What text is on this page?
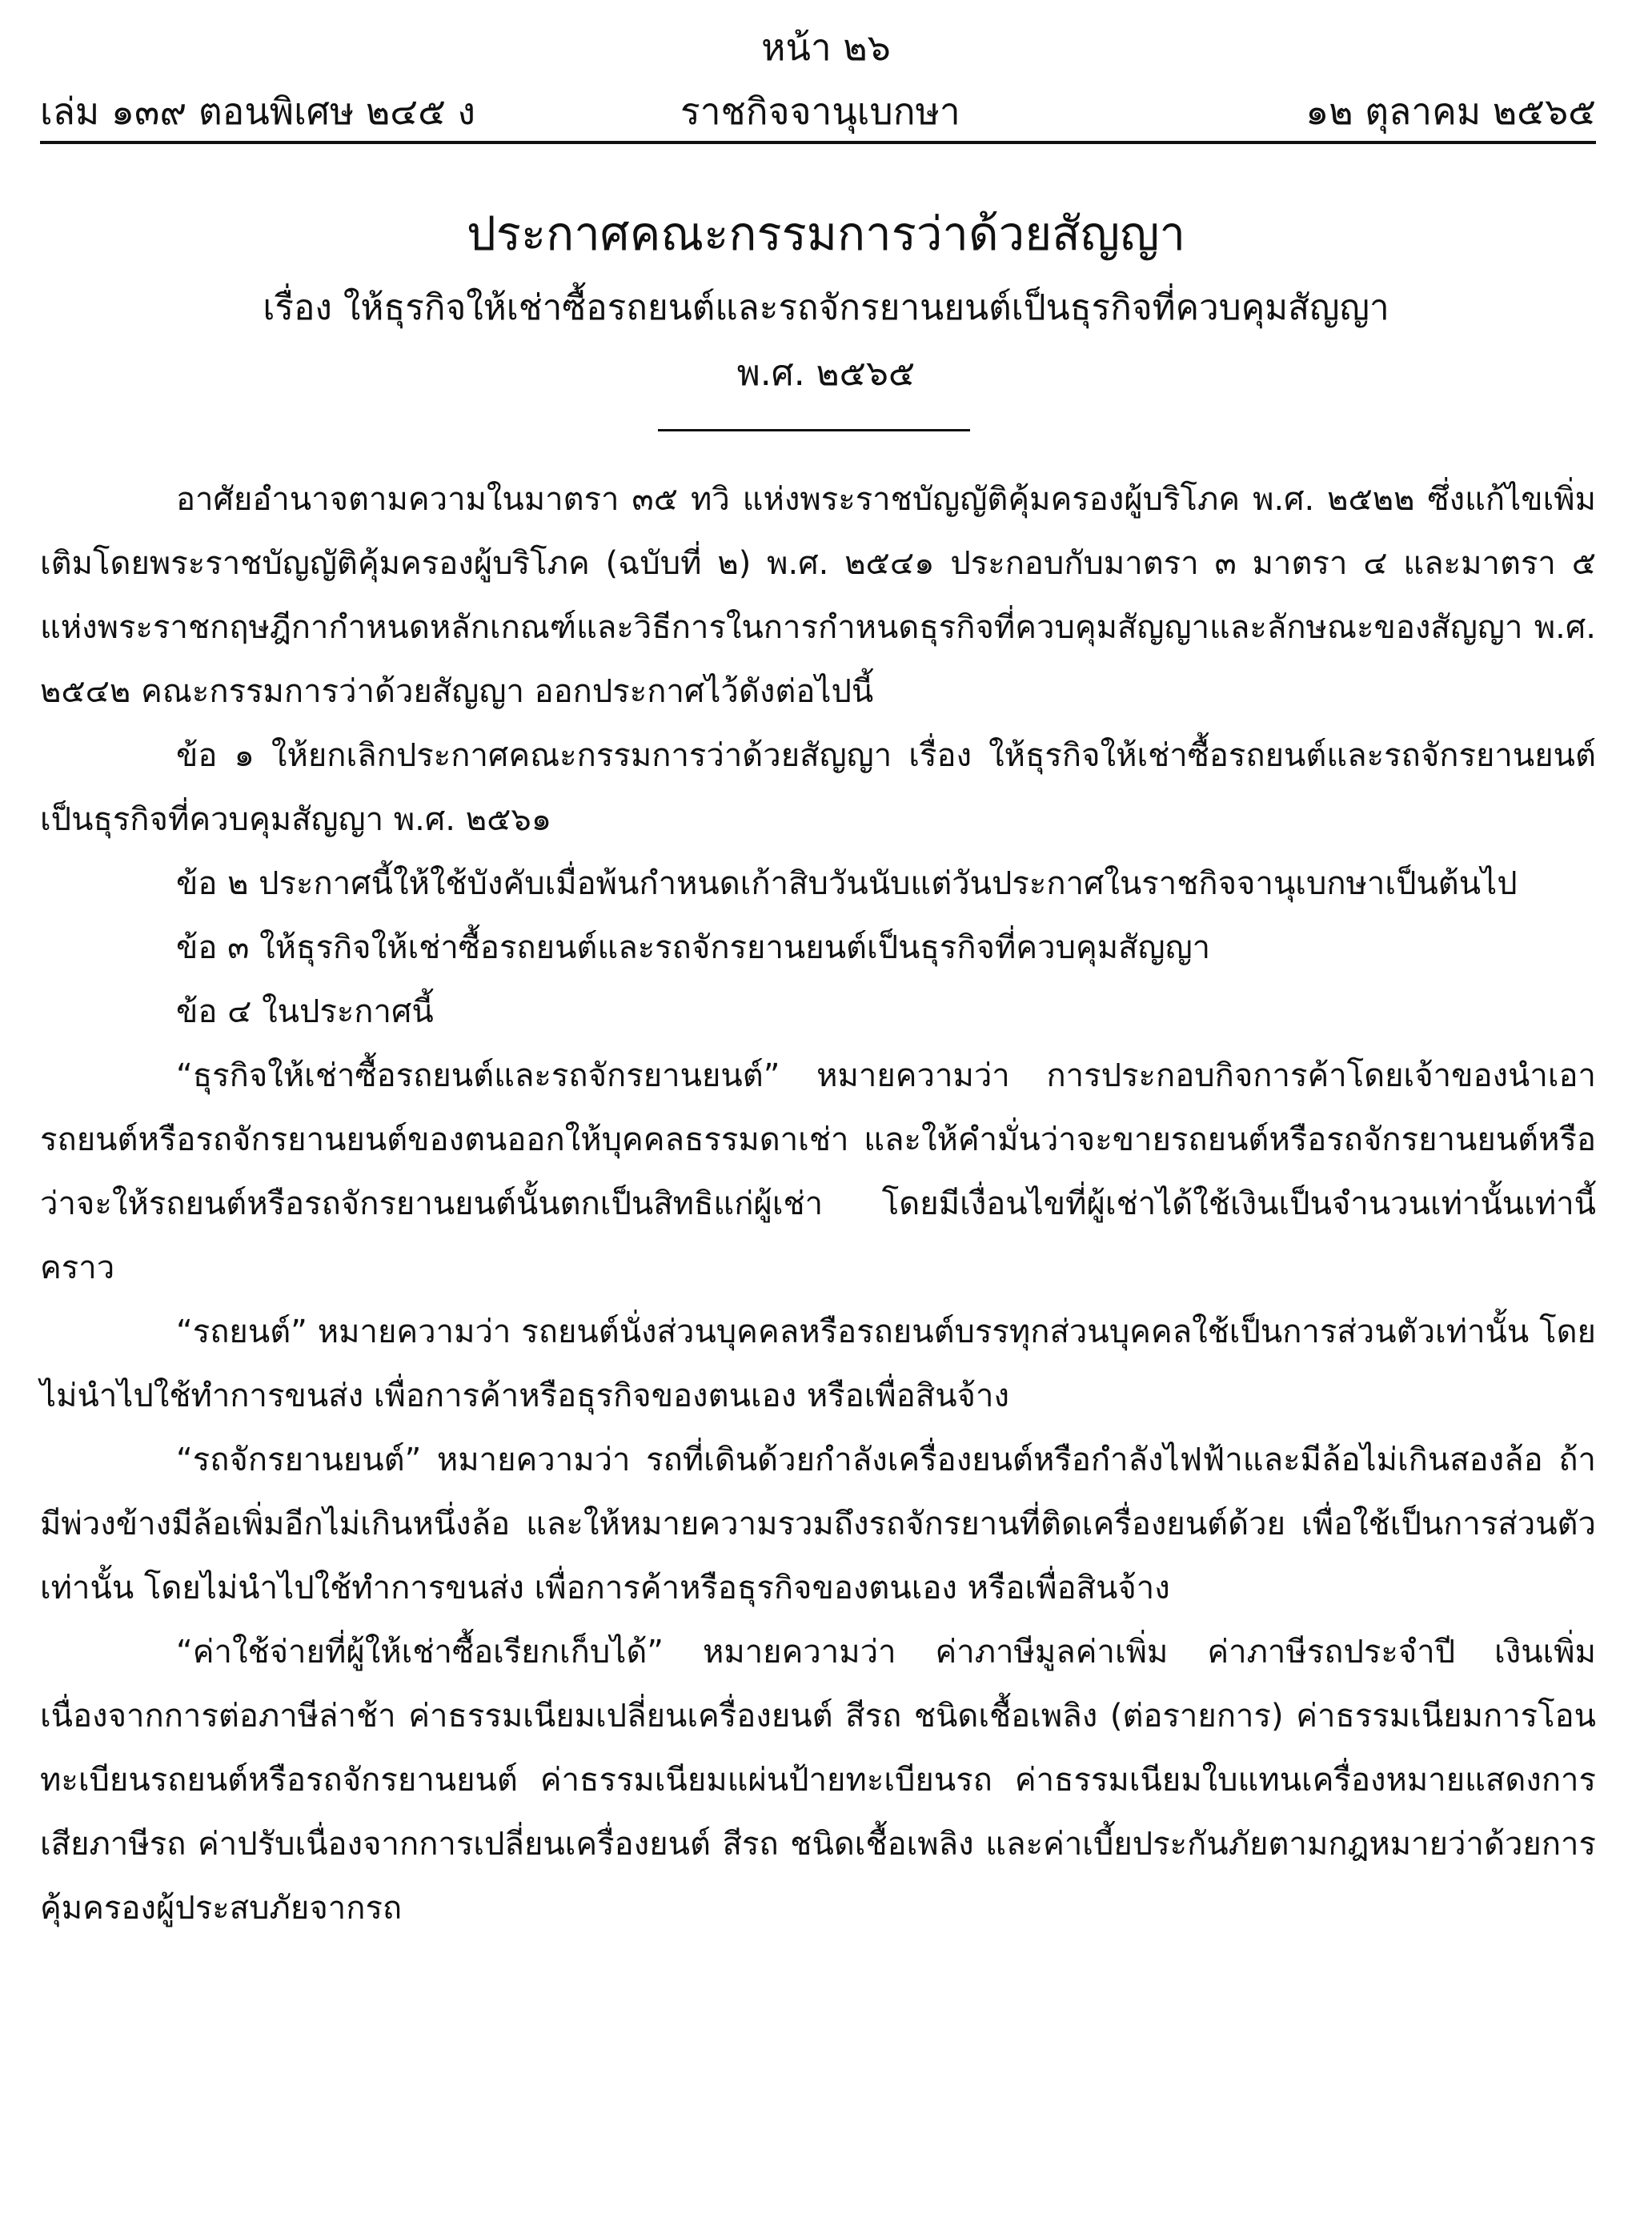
หน้า ๒๖
เล่ม ๑๓๙ ตอนพิเศษ ๒๔๕ ง	ราชกิจจานุเบกษา	๑๒ ตุลาคม ๒๕๖๕
ประกาศคณะกรรมการว่าด้วยสัญญา
เรื่อง ให้ธุรกิจให้เช่าซื้อรถยนต์และรถจักรยานยนต์เป็นธุรกิจที่ควบคุมสัญญา
พ.ศ. ๒๕๖๕

อาศัยอำนาจตามความในมาตรา ๓๕ ทวิ แห่งพระราชบัญญัติคุ้มครองผู้บริโภค พ.ศ. ๒๕๒๒ ซึ่งแก้ไขเพิ่มเติมโดยพระราชบัญญัติคุ้มครองผู้บริโภค (ฉบับที่ ๒) พ.ศ. ๒๕๔๑ ประกอบกับมาตรา ๓ มาตรา ๔ และมาตรา ๕ แห่งพระราชกฤษฎีกากำหนดหลักเกณฑ์และวิธีการในการกำหนดธุรกิจที่ควบคุมสัญญาและลักษณะของสัญญา พ.ศ. ๒๕๔๒ คณะกรรมการว่าด้วยสัญญา ออกประกาศไว้ดังต่อไปนี้

ข้อ ๑ ให้ยกเลิกประกาศคณะกรรมการว่าด้วยสัญญา เรื่อง ให้ธุรกิจให้เช่าซื้อรถยนต์และรถจักรยานยนต์เป็นธุรกิจที่ควบคุมสัญญา พ.ศ. ๒๕๖๑

ข้อ ๒ ประกาศนี้ให้ใช้บังคับเมื่อพ้นกำหนดเก้าสิบวันนับแต่วันประกาศในราชกิจจานุเบกษาเป็นต้นไป

ข้อ ๓ ให้ธุรกิจให้เช่าซื้อรถยนต์และรถจักรยานยนต์เป็นธุรกิจที่ควบคุมสัญญา

ข้อ ๔ ในประกาศนี้

“ธุรกิจให้เช่าซื้อรถยนต์และรถจักรยานยนต์” หมายความว่า การประกอบกิจการค้าโดยเจ้าของนำเอารถยนต์หรือรถจักรยานยนต์ของตนออกให้บุคคลธรรมดาเช่า และให้คำมั่นว่าจะขายรถยนต์หรือรถจักรยานยนต์หรือว่าจะให้รถยนต์หรือรถจักรยานยนต์นั้นตกเป็นสิทธิแก่ผู้เช่า โดยมีเงื่อนไขที่ผู้เช่าได้ใช้เงินเป็นจำนวนเท่านั้นเท่านี้คราว

“รถยนต์” หมายความว่า รถยนต์นั่งส่วนบุคคลหรือรถยนต์บรรทุกส่วนบุคคลใช้เป็นการส่วนตัวเท่านั้น โดยไม่นำไปใช้ทำการขนส่ง เพื่อการค้าหรือธุรกิจของตนเอง หรือเพื่อสินจ้าง

“รถจักรยานยนต์” หมายความว่า รถที่เดินด้วยกำลังเครื่องยนต์หรือกำลังไฟฟ้าและมีล้อไม่เกินสองล้อ ถ้ามีพ่วงข้างมีล้อเพิ่มอีกไม่เกินหนึ่งล้อ และให้หมายความรวมถึงรถจักรยานที่ติดเครื่องยนต์ด้วย เพื่อใช้เป็นการส่วนตัวเท่านั้น โดยไม่นำไปใช้ทำการขนส่ง เพื่อการค้าหรือธุรกิจของตนเอง หรือเพื่อสินจ้าง

“ค่าใช้จ่ายที่ผู้ให้เช่าซื้อเรียกเก็บได้” หมายความว่า ค่าภาษีมูลค่าเพิ่ม ค่าภาษีรถประจำปี เงินเพิ่มเนื่องจากการต่อภาษีล่าช้า ค่าธรรมเนียมเปลี่ยนเครื่องยนต์ สีรถ ชนิดเชื้อเพลิง (ต่อรายการ) ค่าธรรมเนียมการโอนทะเบียนรถยนต์หรือรถจักรยานยนต์ ค่าธรรมเนียมแผ่นป้ายทะเบียนรถ ค่าธรรมเนียมใบแทนเครื่องหมายแสดงการเสียภาษีรถ ค่าปรับเนื่องจากการเปลี่ยนเครื่องยนต์ สีรถ ชนิดเชื้อเพลิง และค่าเบี้ยประกันภัยตามกฎหมายว่าด้วยการคุ้มครองผู้ประสบภัยจากรถ
